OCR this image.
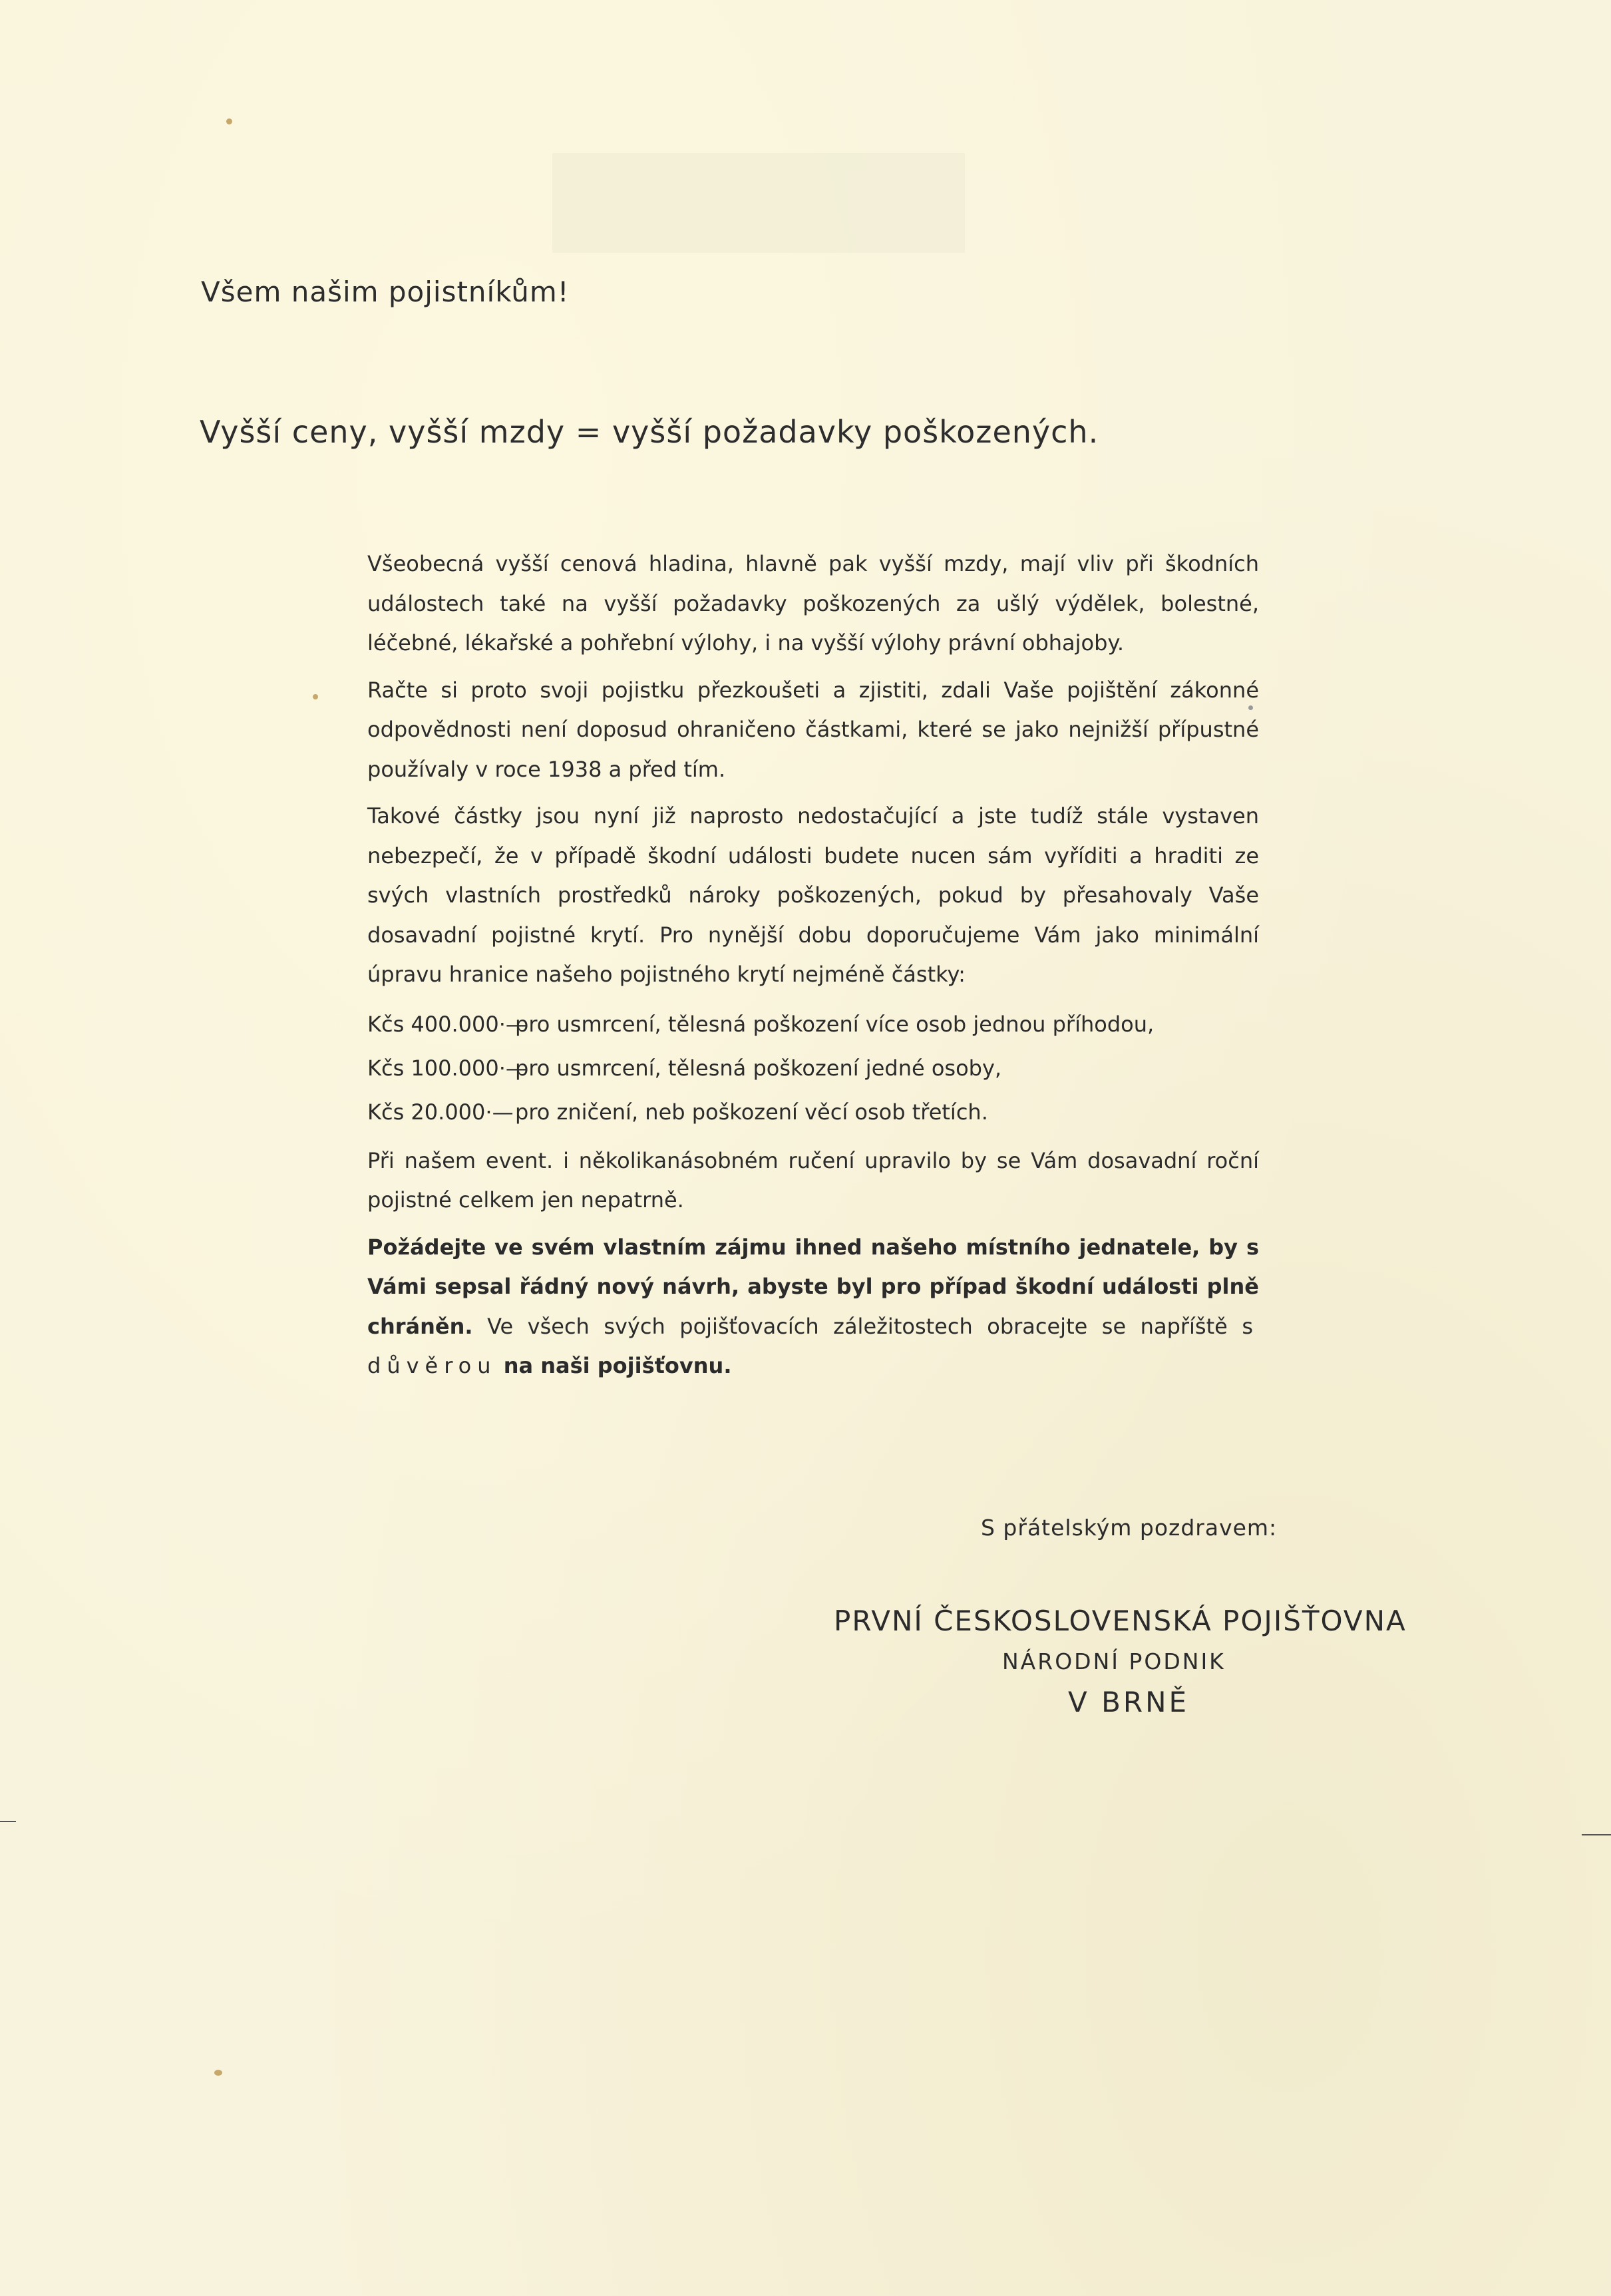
Všem našim pojistníkům!
Vyšší ceny, vyšší mzdy = vyšší požadavky poškozených.

Všeobecná vyšší cenová hladina, hlavně pak vyšší mzdy, mají vliv při škodních událostech také na vyšší požadavky poškozených za ušlý výdělek, bolestné, léčebné, lékařské a pohřební výlohy, i na vyšší výlohy právní obhajoby.

Račte si proto svoji pojistku přezkoušeti a zjistiti, zdali Vaše pojištění zákonné odpovědnosti není doposud ohraničeno částkami, které se jako nejnižší přípustné používaly v roce 1938 a před tím.

Takové částky jsou nyní již naprosto nedostačující a jste tudíž stále vystaven nebezpečí, že v případě škodní události budete nucen sám vyříditi a hraditi ze svých vlastních prostředků nároky poškozených, pokud by přesahovaly Vaše dosavadní pojistné krytí. Pro nynější dobu doporučujeme Vám jako minimální úpravu hranice našeho pojistného krytí nejméně částky:

Kčs 400.000·—
pro usmrcení, tělesná poškození více osob jednou příhodou,
Kčs 100.000·—
pro usmrcení, tělesná poškození jedné osoby,
Kčs 20.000·— pro zničení, neb poškození věcí osob třetích.

Při našem event. i několikanásobném ručení upravilo by se Vám dosavadní roční pojistné celkem jen nepatrně.

Požádejte ve svém vlastním zájmu ihned našeho místního jednatele, by s Vámi sepsal řádný nový návrh, abyste byl pro případ škodní události plně chráněn. Ve všech svých pojišťovacích záležitostech obracejte se napříště s důvěrou na naši pojišťovnu.

S přátelským pozdravem:
PRVNÍ ČESKOSLOVENSKÁ POJIŠŤOVNA
NÁRODNÍ PODNIK
V BRNĚ
